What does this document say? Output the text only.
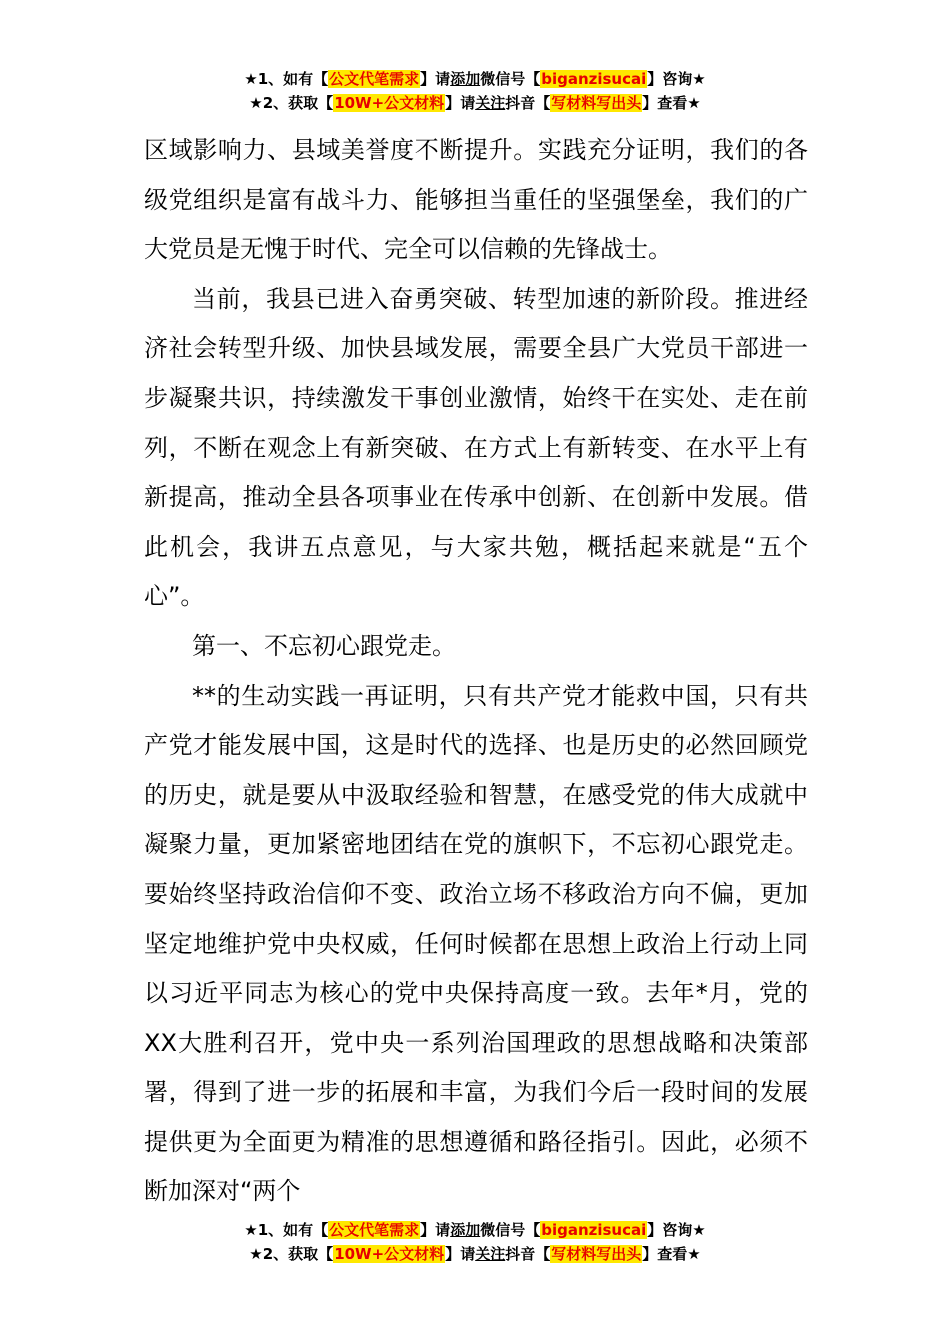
★1、如有【公文代笔需求】请添加微信号【biganzisucai】咨询★
★2、获取【10W+公文材料】请关注抖音【写材料写出头】查看★

区域影响力、县域美誉度不断提升。实践充分证明，我们的各级党组织是富有战斗力、能够担当重任的坚强堡垒，我们的广大党员是无愧于时代、完全可以信赖的先锋战士。

当前，我县已进入奋勇突破、转型加速的新阶段。推进经济社会转型升级、加快县域发展，需要全县广大党员干部进一步凝聚共识，持续激发干事创业激情，始终干在实处、走在前列，不断在观念上有新突破、在方式上有新转变、在水平上有新提高，推动全县各项事业在传承中创新、在创新中发展。借此机会，我讲五点意见，与大家共勉，概括起来就是“五个心”。

第一、不忘初心跟党走。

**的生动实践一再证明，只有共产党才能救中国，只有共产党才能发展中国，这是时代的选择、也是历史的必然回顾党的历史，就是要从中汲取经验和智慧，在感受党的伟大成就中凝聚力量，更加紧密地团结在党的旗帜下，不忘初心跟党走。要始终坚持政治信仰不变、政治立场不移政治方向不偏，更加坚定地维护党中央权威，任何时候都在思想上政治上行动上同以习近平同志为核心的党中央保持高度一致。去年*月，党的XX大胜利召开，党中央一系列治国理政的思想战略和决策部署，得到了进一步的拓展和丰富，为我们今后一段时间的发展提供更为全面更为精准的思想遵循和路径指引。因此，必须不断加深对“两个

★1、如有【公文代笔需求】请添加微信号【biganzisucai】咨询★
★2、获取【10W+公文材料】请关注抖音【写材料写出头】查看★
